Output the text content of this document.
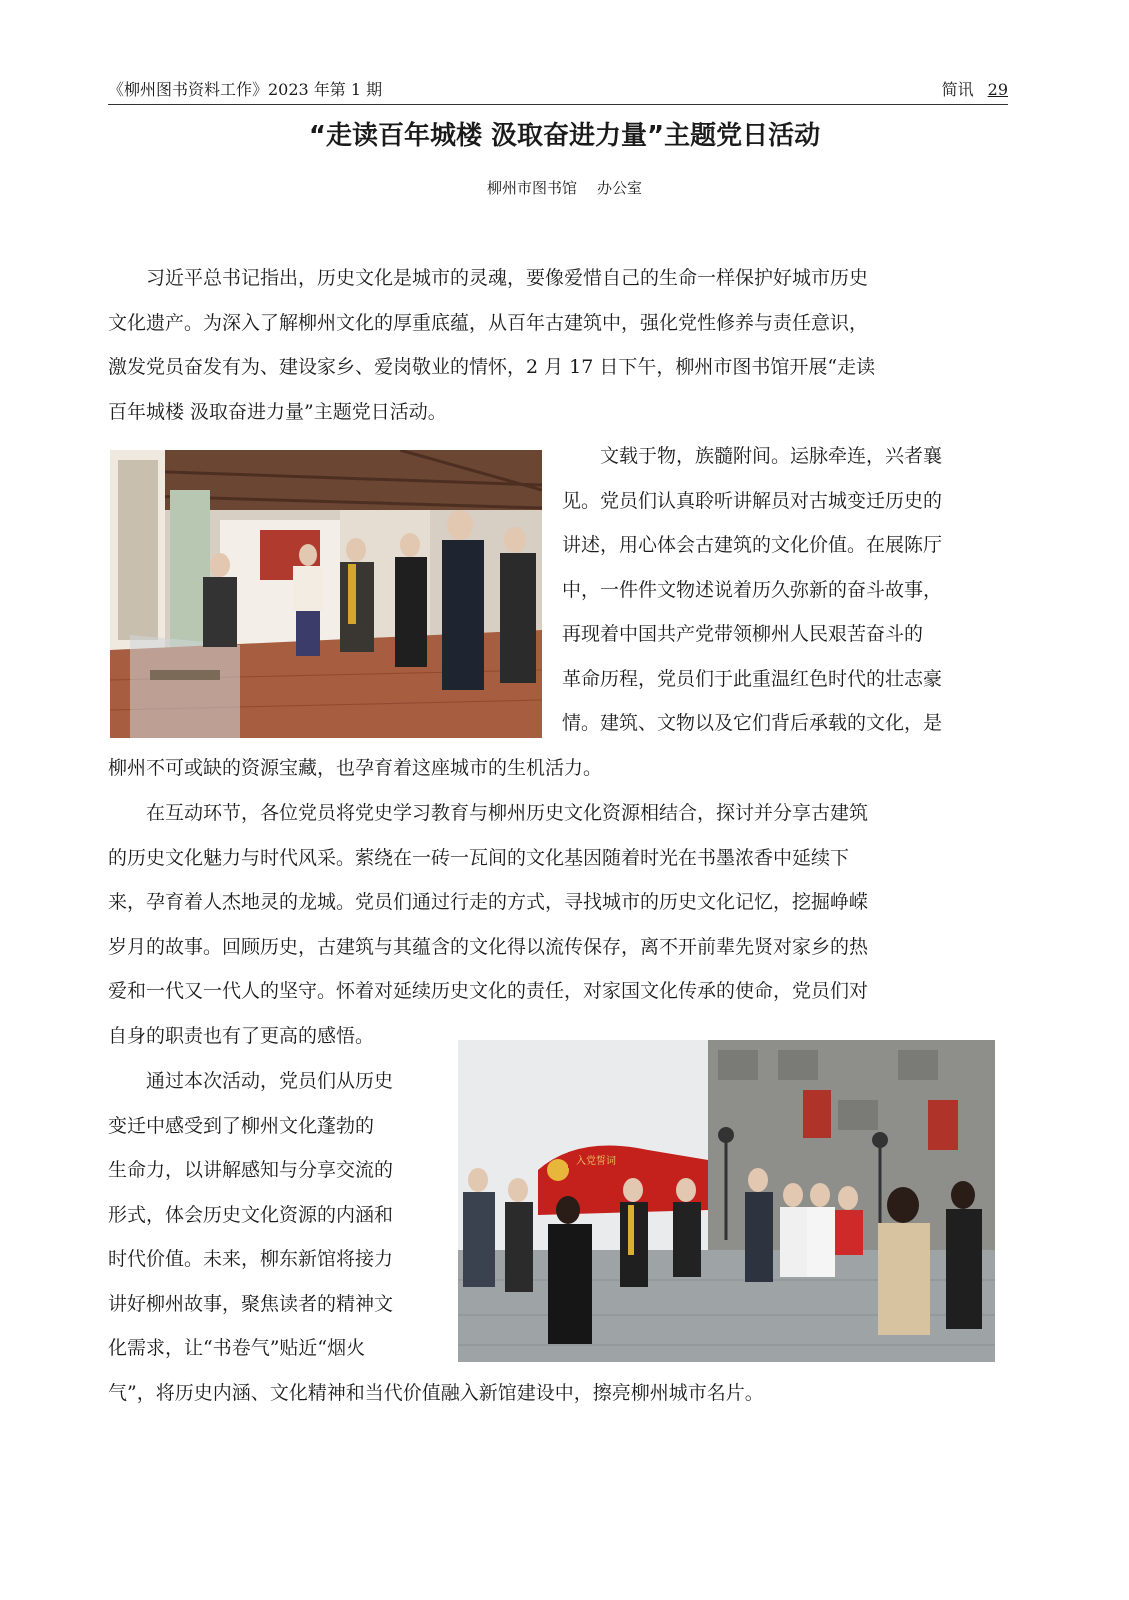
《柳州图书资料工作》2023 年第 1 期	简讯 29
“走读百年城楼 汲取奋进力量”主题党日活动
柳州市图书馆 办公室
　　习近平总书记指出，历史文化是城市的灵魂，要像爱惜自己的生命一样保护好城市历史
文化遗产。为深入了解柳州文化的厚重底蕴，从百年古建筑中，强化党性修养与责任意识，
激发党员奋发有为、建设家乡、爱岗敬业的情怀，2 月 17 日下午，柳州市图书馆开展“走读
百年城楼 汲取奋进力量”主题党日活动。
　　文载于物，族髓附间。运脉牵连，兴者襄
见。党员们认真聆听讲解员对古城变迁历史的
讲述，用心体会古建筑的文化价值。在展陈厅
中，一件件文物述说着历久弥新的奋斗故事，
再现着中国共产党带领柳州人民艰苦奋斗的
革命历程，党员们于此重温红色时代的壮志豪
情。建筑、文物以及它们背后承载的文化，是
柳州不可或缺的资源宝藏，也孕育着这座城市的生机活力。
　　在互动环节，各位党员将党史学习教育与柳州历史文化资源相结合，探讨并分享古建筑
的历史文化魅力与时代风采。萦绕在一砖一瓦间的文化基因随着时光在书墨浓香中延续下
来，孕育着人杰地灵的龙城。党员们通过行走的方式，寻找城市的历史文化记忆，挖掘峥嵘
岁月的故事。回顾历史，古建筑与其蕴含的文化得以流传保存，离不开前辈先贤对家乡的热
爱和一代又一代人的坚守。怀着对延续历史文化的责任，对家国文化传承的使命，党员们对
自身的职责也有了更高的感悟。
入党誓词
　　通过本次活动，党员们从历史
变迁中感受到了柳州文化蓬勃的
生命力，以讲解感知与分享交流的
形式，体会历史文化资源的内涵和
时代价值。未来，柳东新馆将接力
讲好柳州故事，聚焦读者的精神文
化需求，让“书卷气”贴近“烟火
气”，将历史内涵、文化精神和当代价值融入新馆建设中，擦亮柳州城市名片。
